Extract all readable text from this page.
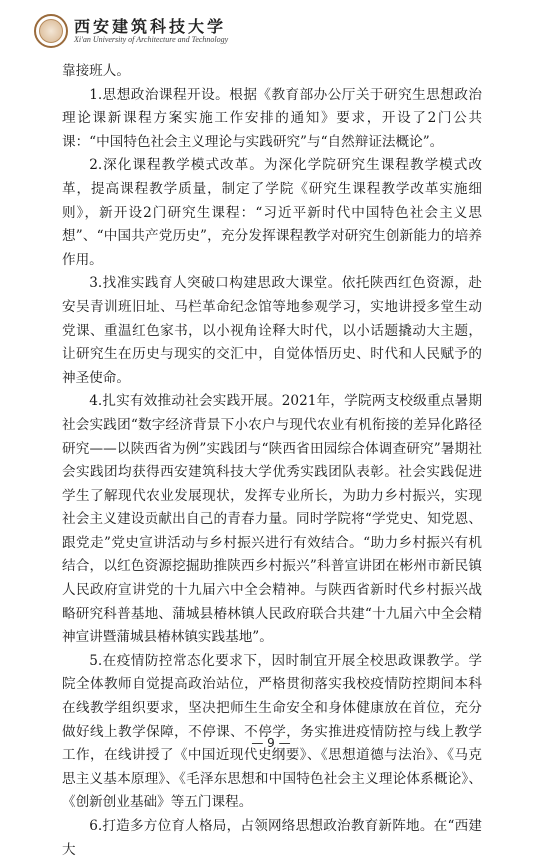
西安建筑科技大学
Xi'an University of Architecture and Technology

靠接班人。

1.思想政治课程开设。根据《教育部办公厅关于研究生思想政治理论课新课程方案实施工作安排的通知》要求，开设了2门公共课：“中国特色社会主义理论与实践研究”与“自然辩证法概论”。

2.深化课程教学模式改革。为深化学院研究生课程教学模式改革，提高课程教学质量，制定了学院《研究生课程教学改革实施细则》，新开设2门研究生课程：“习近平新时代中国特色社会主义思想”、“中国共产党历史”，充分发挥课程教学对研究生创新能力的培养作用。

3.找准实践育人突破口构建思政大课堂。依托陕西红色资源，赴安吴青训班旧址、马栏革命纪念馆等地参观学习，实地讲授多堂生动党课、重温红色家书，以小视角诠释大时代，以小话题撬动大主题，让研究生在历史与现实的交汇中，自觉体悟历史、时代和人民赋予的神圣使命。

4.扎实有效推动社会实践开展。2021年，学院两支校级重点暑期社会实践团“数字经济背景下小农户与现代农业有机衔接的差异化路径研究——以陕西省为例”实践团与“陕西省田园综合体调查研究”暑期社会实践团均获得西安建筑科技大学优秀实践团队表彰。社会实践促进学生了解现代农业发展现状，发挥专业所长，为助力乡村振兴，实现社会主义建设贡献出自己的青春力量。同时学院将“学党史、知党恩、跟党走”党史宣讲活动与乡村振兴进行有效结合。“助力乡村振兴有机结合，以红色资源挖掘助推陕西乡村振兴”科普宣讲团在彬州市新民镇人民政府宣讲党的十九届六中全会精神。与陕西省新时代乡村振兴战略研究科普基地、蒲城县椿林镇人民政府联合共建“十九届六中全会精神宣讲暨蒲城县椿林镇实践基地”。

5.在疫情防控常态化要求下，因时制宜开展全校思政课教学。学院全体教师自觉提高政治站位，严格贯彻落实我校疫情防控期间本科在线教学组织要求，坚决把师生生命安全和身体健康放在首位，充分做好线上教学保障，不停课、不停学，务实推进疫情防控与线上教学工作，在线讲授了《中国近现代史纲要》、《思想道德与法治》、《马克思主义基本原理》、《毛泽东思想和中国特色社会主义理论体系概论》、《创新创业基础》等五门课程。

6.打造多方位育人格局，占领网络思想政治教育新阵地。在“西建大

— 9 —
